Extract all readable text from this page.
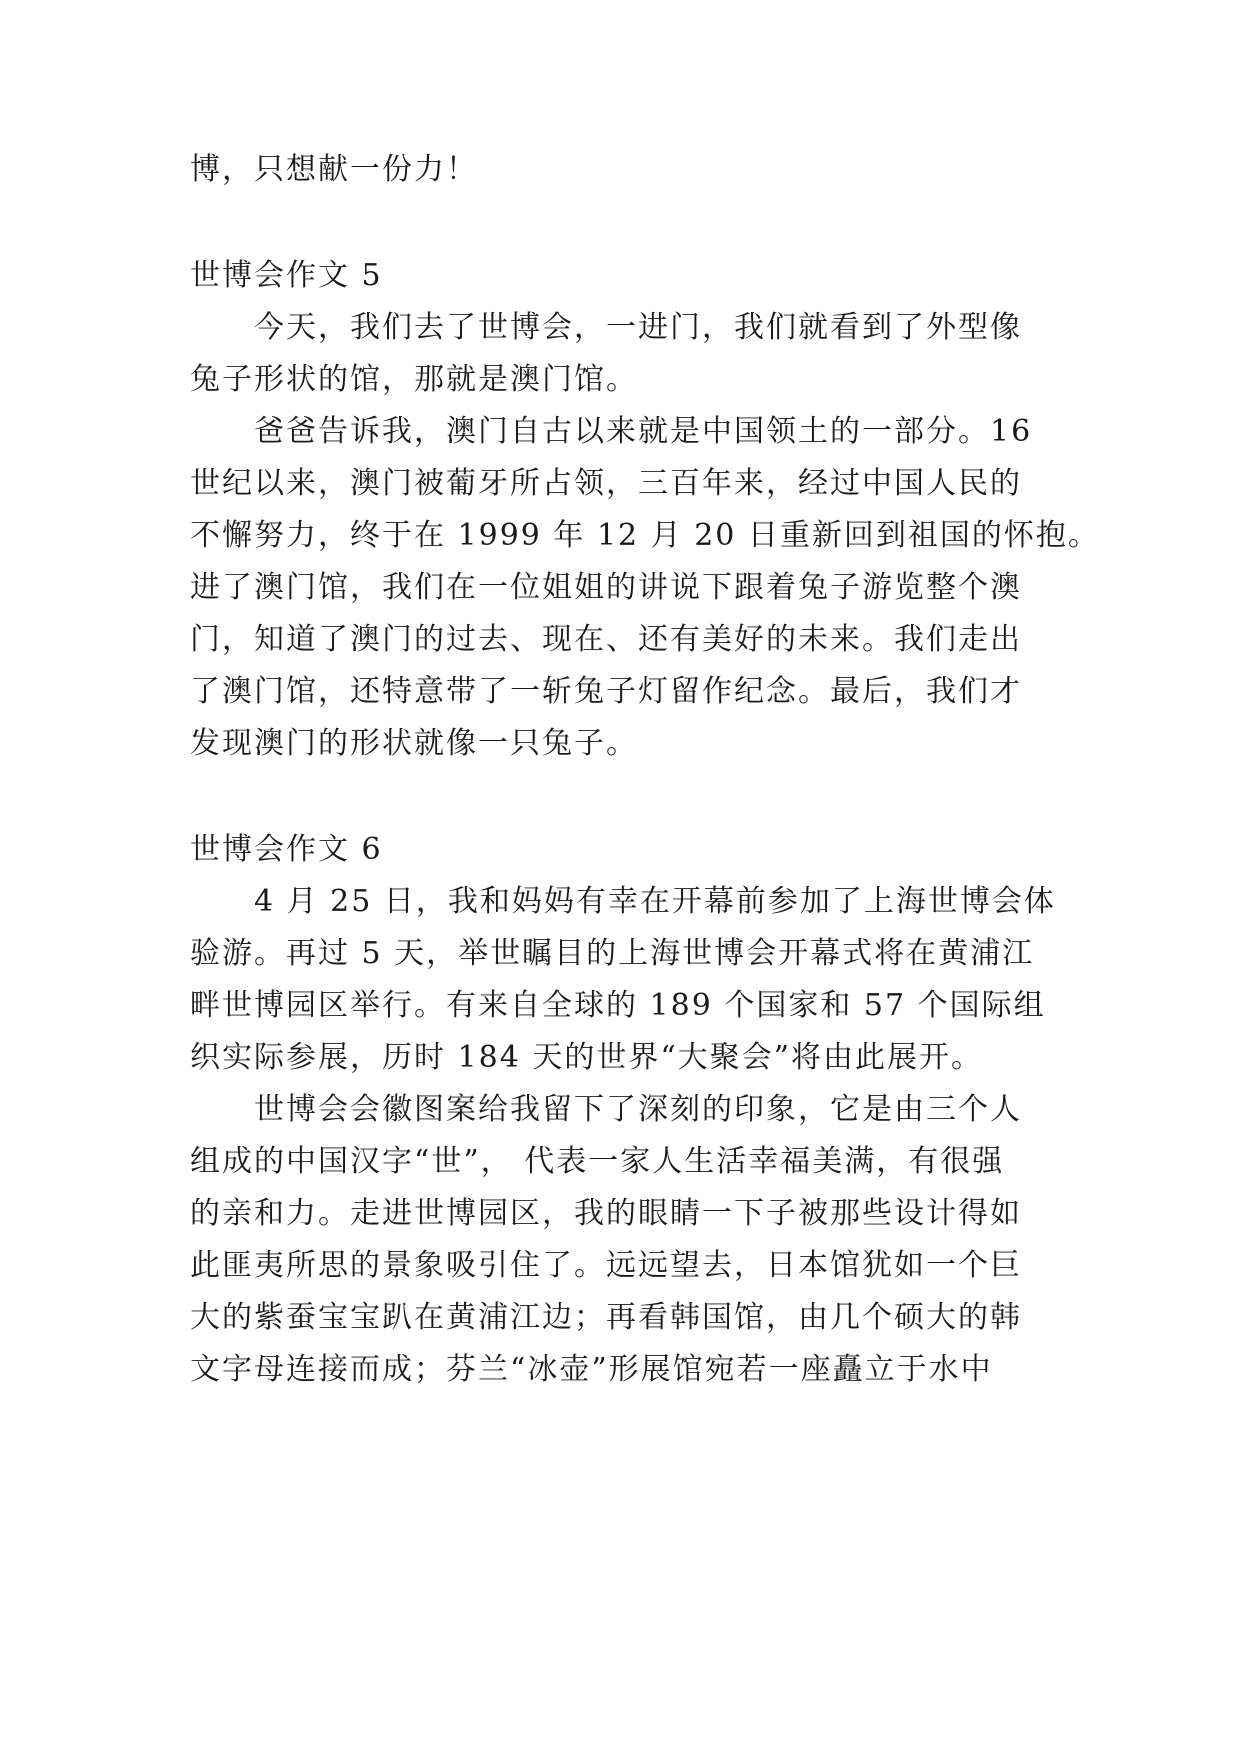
博，只想献一份力！

世博会作文 5

　　今天，我们去了世博会，一进门，我们就看到了外型像

兔子形状的馆，那就是澳门馆。

　　爸爸告诉我，澳门自古以来就是中国领土的一部分。16

世纪以来，澳门被葡牙所占领，三百年来，经过中国人民的

不懈努力，终于在 1999 年 12 月 20 日重新回到祖国的怀抱。

进了澳门馆，我们在一位姐姐的讲说下跟着兔子游览整个澳

门，知道了澳门的过去、现在、还有美好的未来。我们走出

了澳门馆，还特意带了一斩兔子灯留作纪念。最后，我们才

发现澳门的形状就像一只兔子。

世博会作文 6

　　4 月 25 日，我和妈妈有幸在开幕前参加了上海世博会体

验游。再过 5 天，举世瞩目的上海世博会开幕式将在黄浦江

畔世博园区举行。有来自全球的 189 个国家和 57 个国际组

织实际参展，历时 184 天的世界“大聚会”将由此展开。

　　世博会会徽图案给我留下了深刻的印象，它是由三个人

组成的中国汉字“世”， 代表一家人生活幸福美满，有很强

的亲和力。走进世博园区，我的眼睛一下子被那些设计得如

此匪夷所思的景象吸引住了。远远望去，日本馆犹如一个巨

大的紫蚕宝宝趴在黄浦江边；再看韩国馆，由几个硕大的韩

文字母连接而成；芬兰“冰壶”形展馆宛若一座矗立于水中
